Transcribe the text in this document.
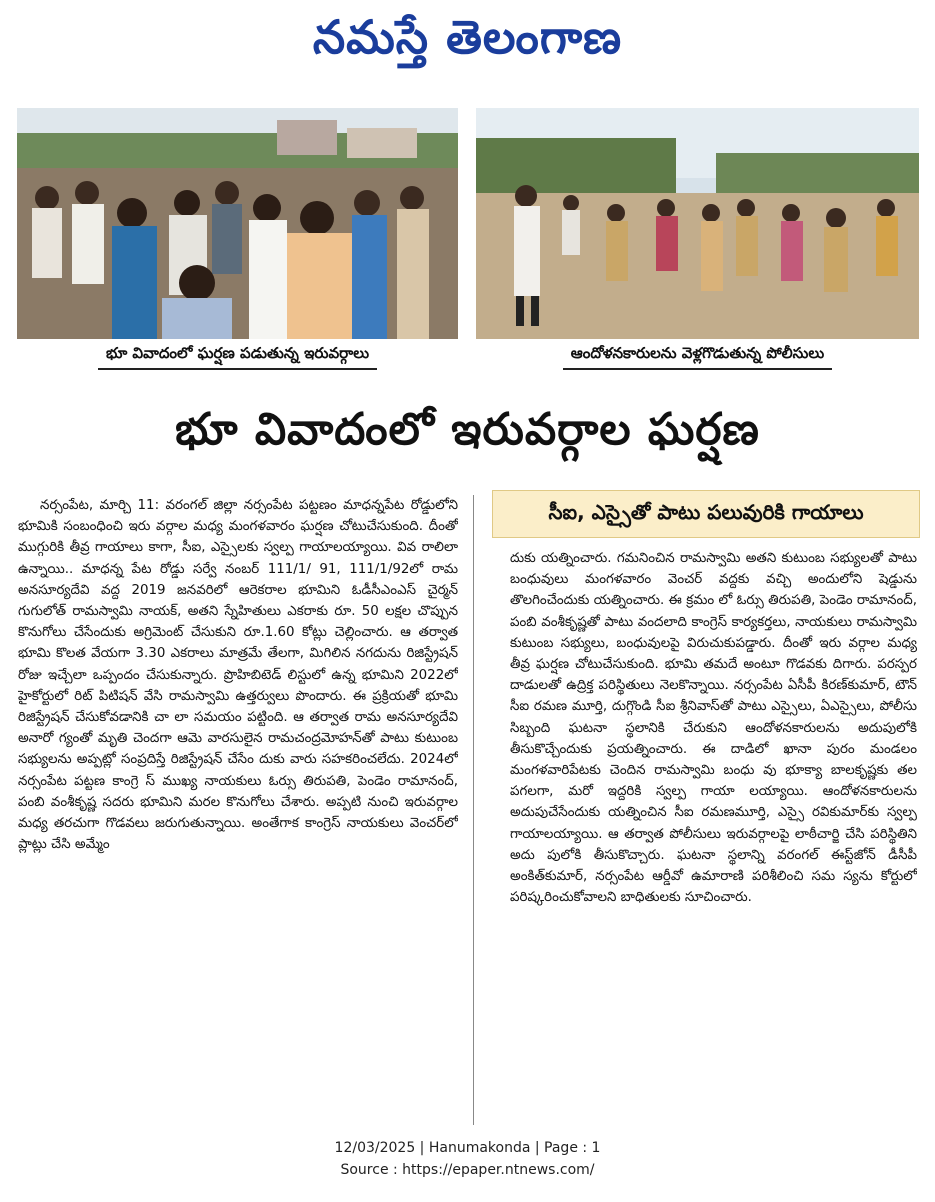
నమస్తే తెలంగాణ
భూ వివాదంలో ఘర్షణ పడుతున్న ఇరువర్గాలు	ఆందోళనకారులను వెళ్లగొడుతున్న పోలీసులు
భూ వివాదంలో ఇరువర్గాల ఘర్షణ

నర్సంపేట, మార్చి 11: వరంగల్ జిల్లా నర్సంపేట పట్టణం మాధన్నపేట రోడ్డులోని భూమికి సంబంధించి ఇరు వర్గాల మధ్య మంగళవారం ఘర్షణ చోటుచేసుకుంది. దీంతో ముగ్గురికి తీవ్ర గాయాలు కాగా, సీఐ, ఎస్సైలకు స్వల్ప గాయాలయ్యాయి. వివ రాలిలా ఉన్నాయి.. మాధన్న పేట రోడ్డు సర్వే నంబర్ 111/1/ 91, 111/1/92లో రామ అనసూర్యదేవి వద్ద 2019 జనవరిలో ఆరెకరాల భూమిని ఓడీసీఎంఎస్ చైర్మన్ గుగులోత్ రామస్వామి నాయక్, అతని స్నేహితులు ఎకరాకు రూ. 50 లక్షల చొప్పున కొనుగోలు చేసేందుకు అగ్రిమెంట్ చేసుకుని రూ.1.60 కోట్లు చెల్లించారు. ఆ తర్వాత భూమి కొలత వేయగా 3.30 ఎకరాలు మాత్రమే తేలగా, మిగిలిన నగదును రిజిస్ట్రేషన్ రోజు ఇచ్చేలా ఒప్పందం చేసుకున్నారు. ప్రొహిబిటెడ్ లిస్టులో ఉన్న భూమిని 2022లో హైకోర్టులో రిట్ పిటిషన్ వేసి రామస్వామి ఉత్తర్వులు పొందారు. ఈ ప్రక్రియతో భూమి రిజిస్ట్రేషన్ చేసుకోవడానికి చా లా సమయం పట్టింది. ఆ తర్వాత రామ అనసూర్యదేవి అనారో గ్యంతో మృతి చెందగా ఆమె వారసులైన రామచంద్రమోహన్‌తో పాటు కుటుంబ సభ్యులను అప్పట్లో సంప్రదిస్తే రిజిస్ట్రేషన్ చేసేం దుకు వారు సహకరించలేదు. 2024లో నర్సంపేట పట్టణ కాంగ్రె స్ ముఖ్య నాయకులు ఓర్సు తిరుపతి, పెండెం రామానంద్, పంబి వంశీకృష్ణ సదరు భూమిని మరల కొనుగోలు చేశారు. అప్పటి నుంచి ఇరువర్గాల మధ్య తరచుగా గొడవలు జరుగుతున్నాయి. అంతేగాక కాంగ్రెస్ నాయకులు వెంచర్‌లో ప్లాట్లు చేసి అమ్మేం

సీఐ, ఎస్సైతో పాటు పలువురికి గాయాలు

దుకు యత్నించారు. గమనించిన రామస్వామి అతని కుటుంబ సభ్యులతో పాటు బంధువులు మంగళవారం వెంచర్ వద్దకు వచ్చి అందులోని షెడ్డును తొలగించేందుకు యత్నించారు. ఈ క్రమం లో ఓర్సు తిరుపతి, పెండెం రామానంద్, పంబి వంశీకృష్ణతో పాటు వందలాది కాంగ్రెస్ కార్యకర్తలు, నాయకులు రామస్వామి కుటుంబ సభ్యులు, బంధువులపై విరుచుకుపడ్డారు. దీంతో ఇరు వర్గాల మధ్య తీవ్ర ఘర్షణ చోటుచేసుకుంది. భూమి తమదే అంటూ గొడవకు దిగారు. పరస్పర దాడులతో ఉద్రిక్త పరిస్థితులు నెలకొన్నాయి. నర్సంపేట ఏసీపీ కిరణ్‌కుమార్, టౌన్ సీఐ రమణ మూర్తి, దుగ్గొండి సీఐ శ్రీనివాస్‌తో పాటు ఎస్సైలు, ఏఎస్సైలు, పోలీసు సిబ్బంది ఘటనా స్థలానికి చేరుకుని ఆందోళనకారులను అదుపులోకి తీసుకొచ్చేందుకు ప్రయత్నించారు. ఈ దాడిలో ఖానా పురం మండలం మంగళవారిపేటకు చెందిన రామస్వామి బంధు వు భూక్యా బాలకృష్ణకు తల పగలగా, మరో ఇద్దరికి స్వల్ప గాయా లయ్యాయి. ఆందోళనకారులను అదుపుచేసేందుకు యత్నించిన సీఐ రమణమూర్తి, ఎస్సై రవికుమార్‌కు స్వల్ప గాయాలయ్యాయి. ఆ తర్వాత పోలీసులు ఇరువర్గాలపై లాఠీచార్జి చేసి పరిస్థితిని అదు పులోకి తీసుకొచ్చారు. ఘటనా స్థలాన్ని వరంగల్ ఈస్ట్‌జోన్ డీసీపీ అంకిత్‌కుమార్, నర్సంపేట ఆర్డీవో ఉమారాణి పరిశీలించి సమ స్యను కోర్టులో పరిష్కరించుకోవాలని బాధితులకు సూచించారు.

12/03/2025 | Hanumakonda | Page : 1
Source : https://epaper.ntnews.com/
